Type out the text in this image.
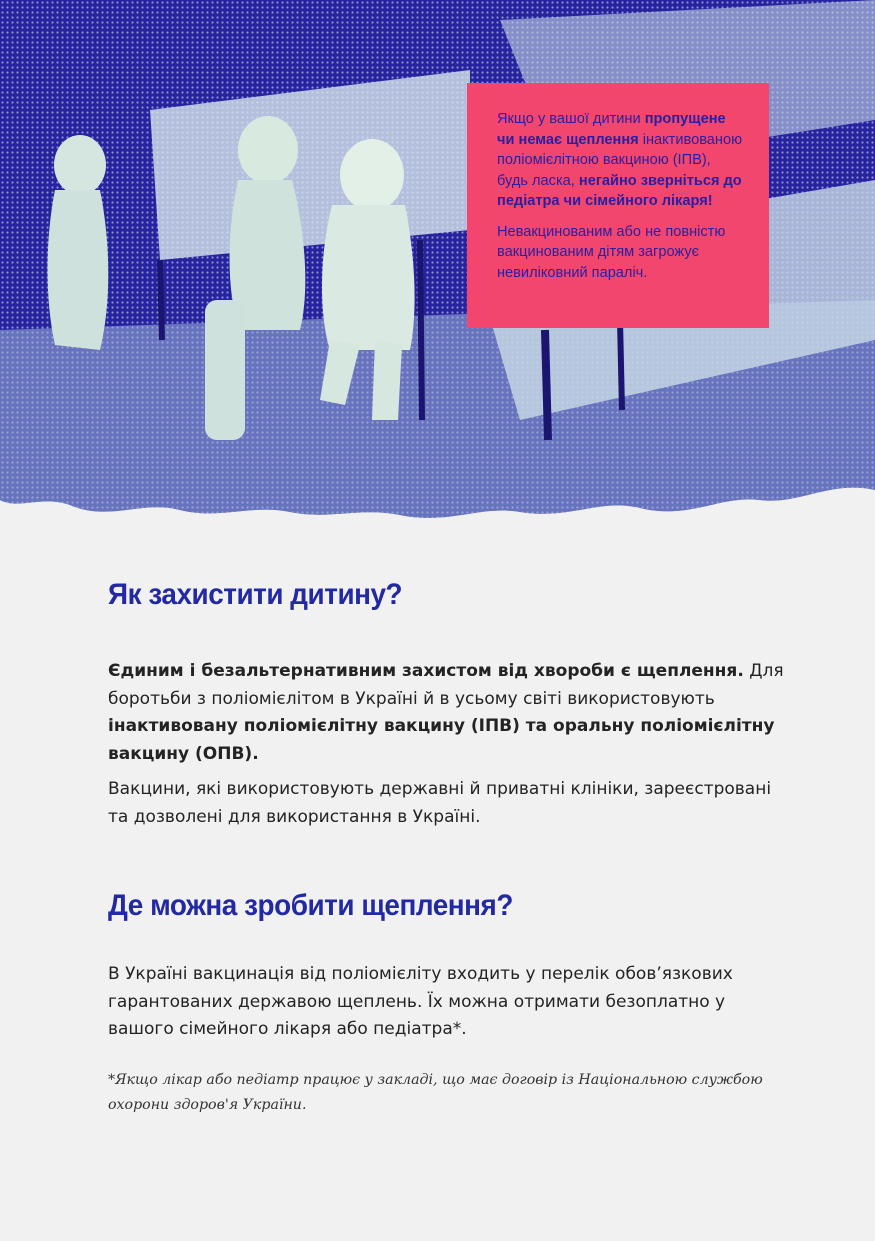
Якщо у вашої дитини пропущене чи немає щеплення інактивованою поліомієлітною вакциною (ІПВ), будь ласка, негайно зверніться до педіатра чи сімейного лікаря!

Невакцинованим або не повністю вакцинованим дітям загрожує невиліковний параліч.

Як захистити дитину?

Єдиним і безальтернативним захистом від хвороби є щеплення. Для боротьби з поліомієлітом в Україні й в усьому світі використовують інактивовану поліомієлітну вакцину (ІПВ) та оральну поліомієлітну вакцину (ОПВ).

Вакцини, які використовують державні й приватні клініки, зареєстровані та дозволені для використання в Україні.

Де можна зробити щеплення?

В Україні вакцинація від поліомієліту входить у перелік обов’язкових гарантованих державою щеплень. Їх можна отримати безоплатно у вашого сімейного лікаря або педіатра*.

*Якщо лікар або педіатр працює у закладі, що має договір із Національною службою охорони здоров'я України.
